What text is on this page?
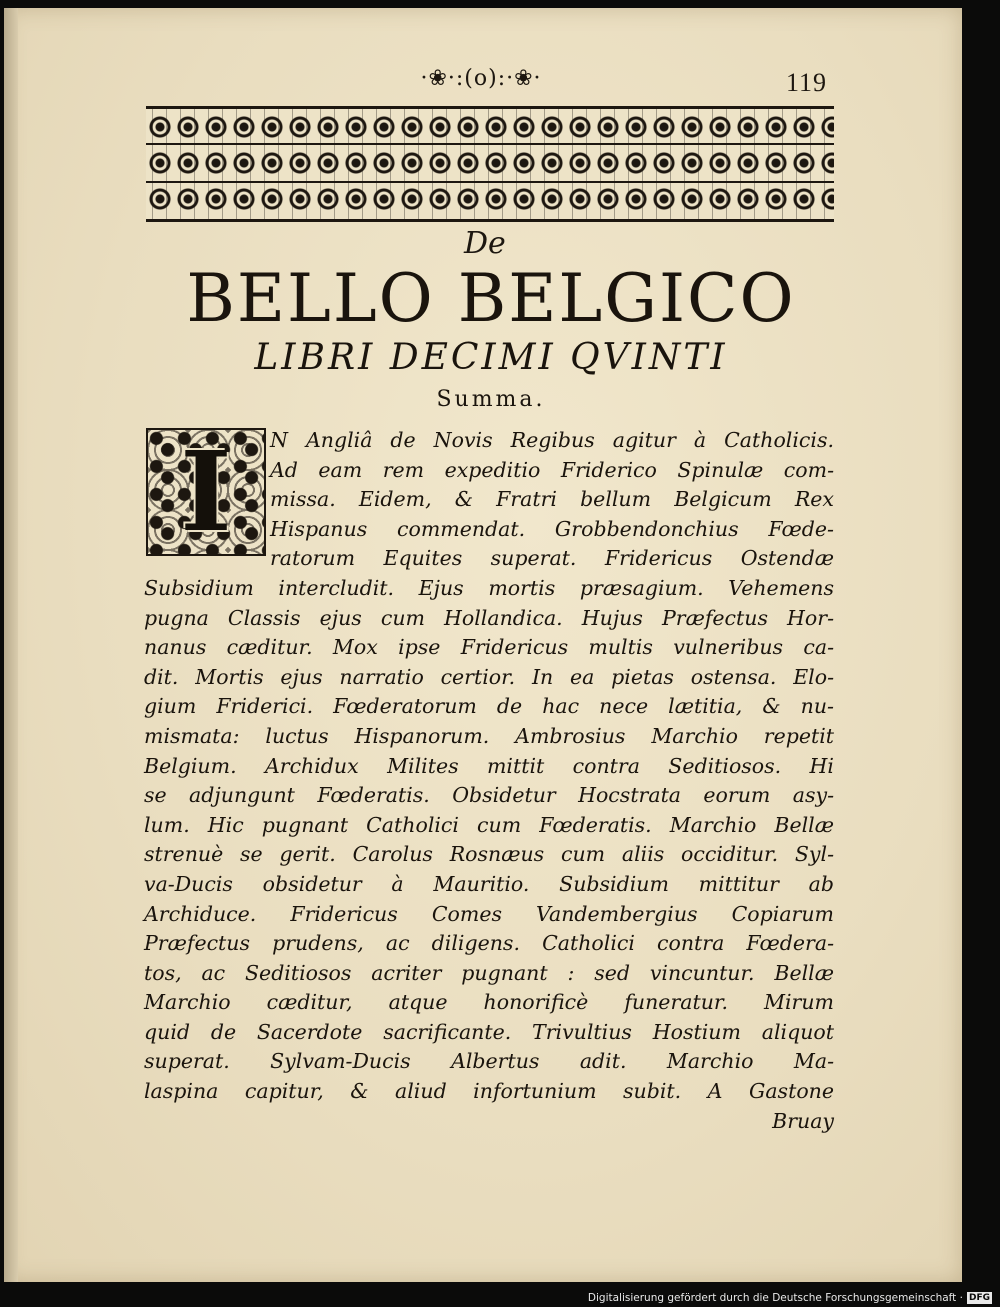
·❀·:(o):·❀·	119
De
BELLO BELGICO
LIBRI DECIMI QVINTI
Summa.
I	N Angliâ de Novis Regibus agitur à Catholicis.
Ad eam rem expeditio Friderico Spinulæ com-
missa. Eidem, & Fratri bellum Belgicum Rex
Hispanus commendat. Grobbendonchius Fœde-
ratorum Equites superat. Fridericus Ostendæ
Subsidium intercludit. Ejus mortis præsagium. Vehemens
pugna Classis ejus cum Hollandica. Hujus Præfectus Hor-
nanus cæditur. Mox ipse Fridericus multis vulneribus ca-
dit. Mortis ejus narratio certior. In ea pietas ostensa. Elo-
gium Friderici. Fœderatorum de hac nece lætitia, & nu-
mismata: luctus Hispanorum. Ambrosius Marchio repetit
Belgium. Archidux Milites mittit contra Seditiosos. Hi
se adjungunt Fœderatis. Obsidetur Hocstrata eorum asy-
lum. Hic pugnant Catholici cum Fœderatis. Marchio Bellæ
strenuè se gerit. Carolus Rosnæus cum aliis occiditur. Syl-
va-Ducis obsidetur à Mauritio. Subsidium mittitur ab
Archiduce. Fridericus Comes Vandembergius Copiarum
Præfectus prudens, ac diligens. Catholici contra Fœdera-
tos, ac Seditiosos acriter pugnant : sed vincuntur. Bellæ
Marchio cæditur, atque honorificè funeratur. Mirum
quid de Sacerdote sacrificante. Trivultius Hostium aliquot
superat. Sylvam-Ducis Albertus adit. Marchio Ma-
laspina capitur, & aliud infortunium subit. A Gastone
Bruay
Digitalisierung gefördert durch die Deutsche Forschungsgemeinschaft · DFG
